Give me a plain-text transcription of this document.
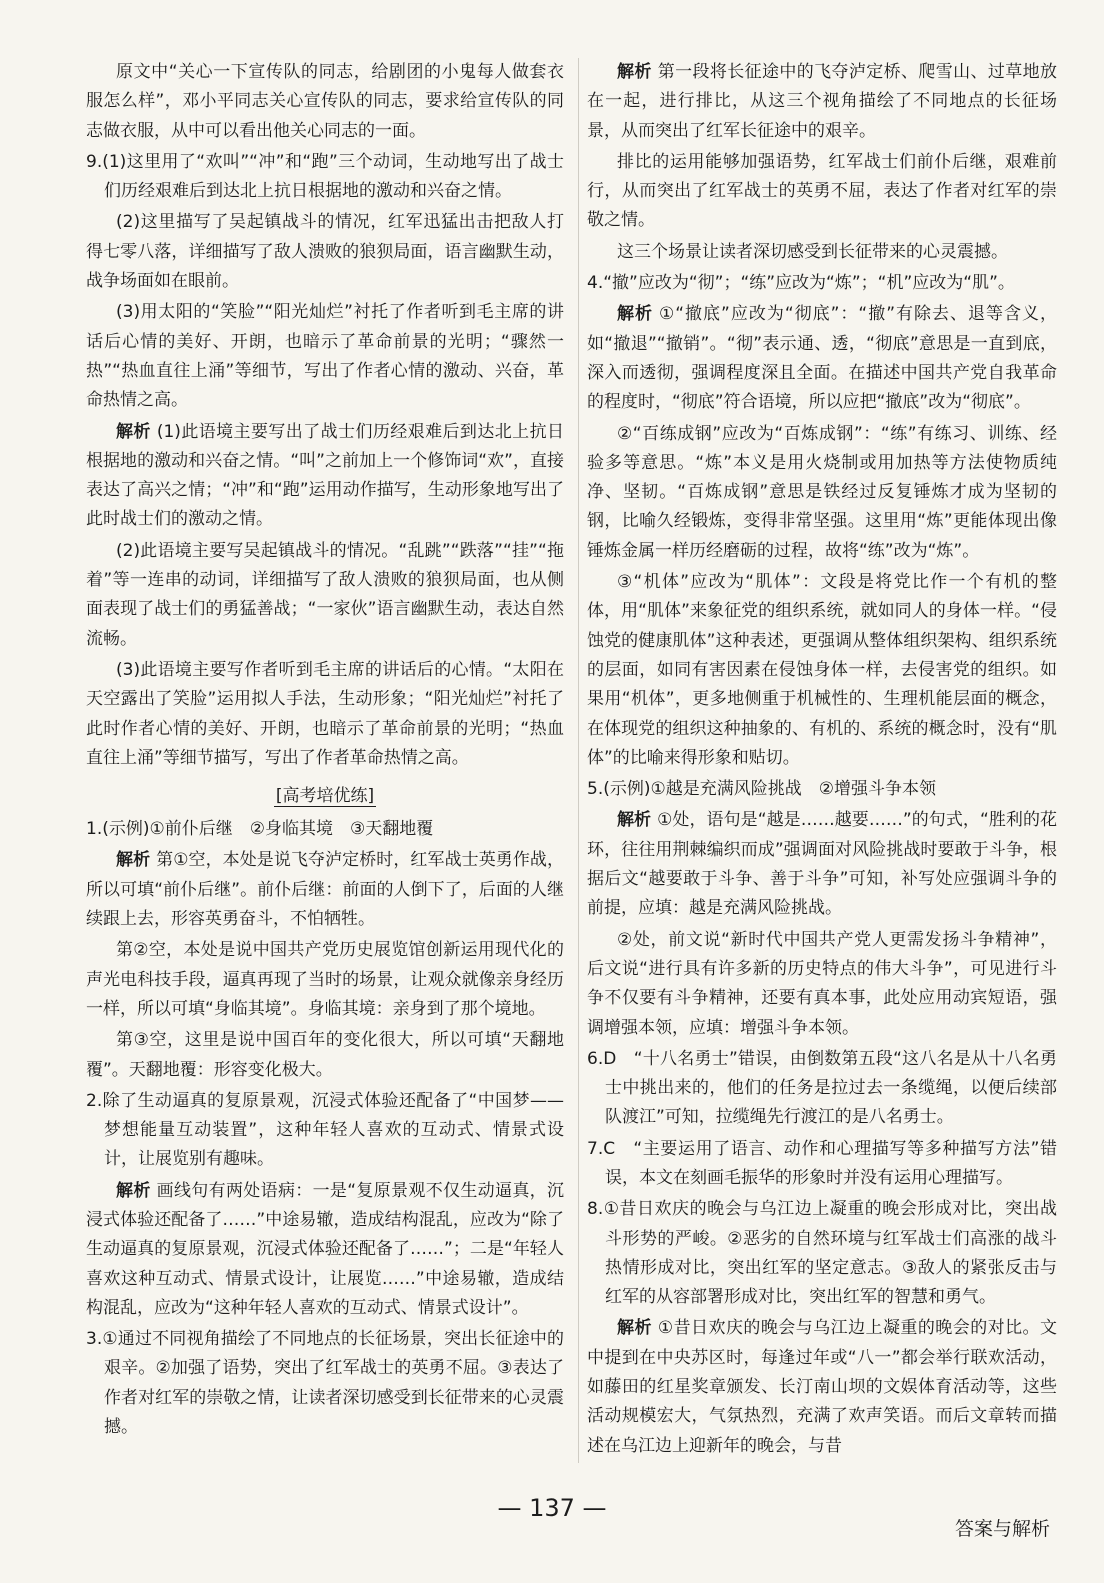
原文中“关心一下宣传队的同志，给剧团的小鬼每人做套衣服怎么样”，邓小平同志关心宣传队的同志，要求给宣传队的同志做衣服，从中可以看出他关心同志的一面。
9.(1)这里用了“欢叫”“冲”和“跑”三个动词，生动地写出了战士们历经艰难后到达北上抗日根据地的激动和兴奋之情。
(2)这里描写了吴起镇战斗的情况，红军迅猛出击把敌人打得七零八落，详细描写了敌人溃败的狼狈局面，语言幽默生动，战争场面如在眼前。
(3)用太阳的“笑脸”“阳光灿烂”衬托了作者听到毛主席的讲话后心情的美好、开朗，也暗示了革命前景的光明；“骤然一热”“热血直往上涌”等细节，写出了作者心情的激动、兴奋，革命热情之高。
解析 (1)此语境主要写出了战士们历经艰难后到达北上抗日根据地的激动和兴奋之情。“叫”之前加上一个修饰词“欢”，直接表达了高兴之情；“冲”和“跑”运用动作描写，生动形象地写出了此时战士们的激动之情。
(2)此语境主要写吴起镇战斗的情况。“乱跳”“跌落”“挂”“拖着”等一连串的动词，详细描写了敌人溃败的狼狈局面，也从侧面表现了战士们的勇猛善战；“一家伙”语言幽默生动，表达自然流畅。
(3)此语境主要写作者听到毛主席的讲话后的心情。“太阳在天空露出了笑脸”运用拟人手法，生动形象；“阳光灿烂”衬托了此时作者心情的美好、开朗，也暗示了革命前景的光明；“热血直往上涌”等细节描写，写出了作者革命热情之高。
[高考培优练]
1.(示例)①前仆后继　②身临其境　③天翻地覆
解析 第①空，本处是说飞夺泸定桥时，红军战士英勇作战，所以可填“前仆后继”。前仆后继：前面的人倒下了，后面的人继续跟上去，形容英勇奋斗，不怕牺牲。
第②空，本处是说中国共产党历史展览馆创新运用现代化的声光电科技手段，逼真再现了当时的场景，让观众就像亲身经历一样，所以可填“身临其境”。身临其境：亲身到了那个境地。
第③空，这里是说中国百年的变化很大，所以可填“天翻地覆”。天翻地覆：形容变化极大。
2.除了生动逼真的复原景观，沉浸式体验还配备了“中国梦——梦想能量互动装置”，这种年轻人喜欢的互动式、情景式设计，让展览别有趣味。
解析 画线句有两处语病：一是“复原景观不仅生动逼真，沉浸式体验还配备了……”中途易辙，造成结构混乱，应改为“除了生动逼真的复原景观，沉浸式体验还配备了……”；二是“年轻人喜欢这种互动式、情景式设计，让展览……”中途易辙，造成结构混乱，应改为“这种年轻人喜欢的互动式、情景式设计”。
3.①通过不同视角描绘了不同地点的长征场景，突出长征途中的艰辛。②加强了语势，突出了红军战士的英勇不屈。③表达了作者对红军的崇敬之情，让读者深切感受到长征带来的心灵震撼。
解析 第一段将长征途中的飞夺泸定桥、爬雪山、过草地放在一起，进行排比，从这三个视角描绘了不同地点的长征场景，从而突出了红军长征途中的艰辛。
排比的运用能够加强语势，红军战士们前仆后继，艰难前行，从而突出了红军战士的英勇不屈，表达了作者对红军的崇敬之情。
这三个场景让读者深切感受到长征带来的心灵震撼。
4.“撤”应改为“彻”；“练”应改为“炼”；“机”应改为“肌”。
解析 ①“撤底”应改为“彻底”：“撤”有除去、退等含义，如“撤退”“撤销”。“彻”表示通、透，“彻底”意思是一直到底，深入而透彻，强调程度深且全面。在描述中国共产党自我革命的程度时，“彻底”符合语境，所以应把“撤底”改为“彻底”。
②“百练成钢”应改为“百炼成钢”：“练”有练习、训练、经验多等意思。“炼”本义是用火烧制或用加热等方法使物质纯净、坚韧。“百炼成钢”意思是铁经过反复锤炼才成为坚韧的钢，比喻久经锻炼，变得非常坚强。这里用“炼”更能体现出像锤炼金属一样历经磨砺的过程，故将“练”改为“炼”。
③“机体”应改为“肌体”：文段是将党比作一个有机的整体，用“肌体”来象征党的组织系统，就如同人的身体一样。“侵蚀党的健康肌体”这种表述，更强调从整体组织架构、组织系统的层面，如同有害因素在侵蚀身体一样，去侵害党的组织。如果用“机体”，更多地侧重于机械性的、生理机能层面的概念，在体现党的组织这种抽象的、有机的、系统的概念时，没有“肌体”的比喻来得形象和贴切。
5.(示例)①越是充满风险挑战　②增强斗争本领
解析 ①处，语句是“越是……越要……”的句式，“胜利的花环，往往用荆棘编织而成”强调面对风险挑战时要敢于斗争，根据后文“越要敢于斗争、善于斗争”可知，补写处应强调斗争的前提，应填：越是充满风险挑战。
②处，前文说“新时代中国共产党人更需发扬斗争精神”，后文说“进行具有许多新的历史特点的伟大斗争”，可见进行斗争不仅要有斗争精神，还要有真本事，此处应用动宾短语，强调增强本领，应填：增强斗争本领。
6.D　“十八名勇士”错误，由倒数第五段“这八名是从十八名勇士中挑出来的，他们的任务是拉过去一条缆绳，以便后续部队渡江”可知，拉缆绳先行渡江的是八名勇士。
7.C　“主要运用了语言、动作和心理描写等多种描写方法”错误，本文在刻画毛振华的形象时并没有运用心理描写。
8.①昔日欢庆的晚会与乌江边上凝重的晚会形成对比，突出战斗形势的严峻。②恶劣的自然环境与红军战士们高涨的战斗热情形成对比，突出红军的坚定意志。③敌人的紧张反击与红军的从容部署形成对比，突出红军的智慧和勇气。
解析 ①昔日欢庆的晚会与乌江边上凝重的晚会的对比。文中提到在中央苏区时，每逢过年或“八一”都会举行联欢活动，如藤田的红星奖章颁发、长汀南山坝的文娱体育活动等，这些活动规模宏大，气氛热烈，充满了欢声笑语。而后文章转而描述在乌江边上迎新年的晚会，与昔
— 137 —
答案与解析
